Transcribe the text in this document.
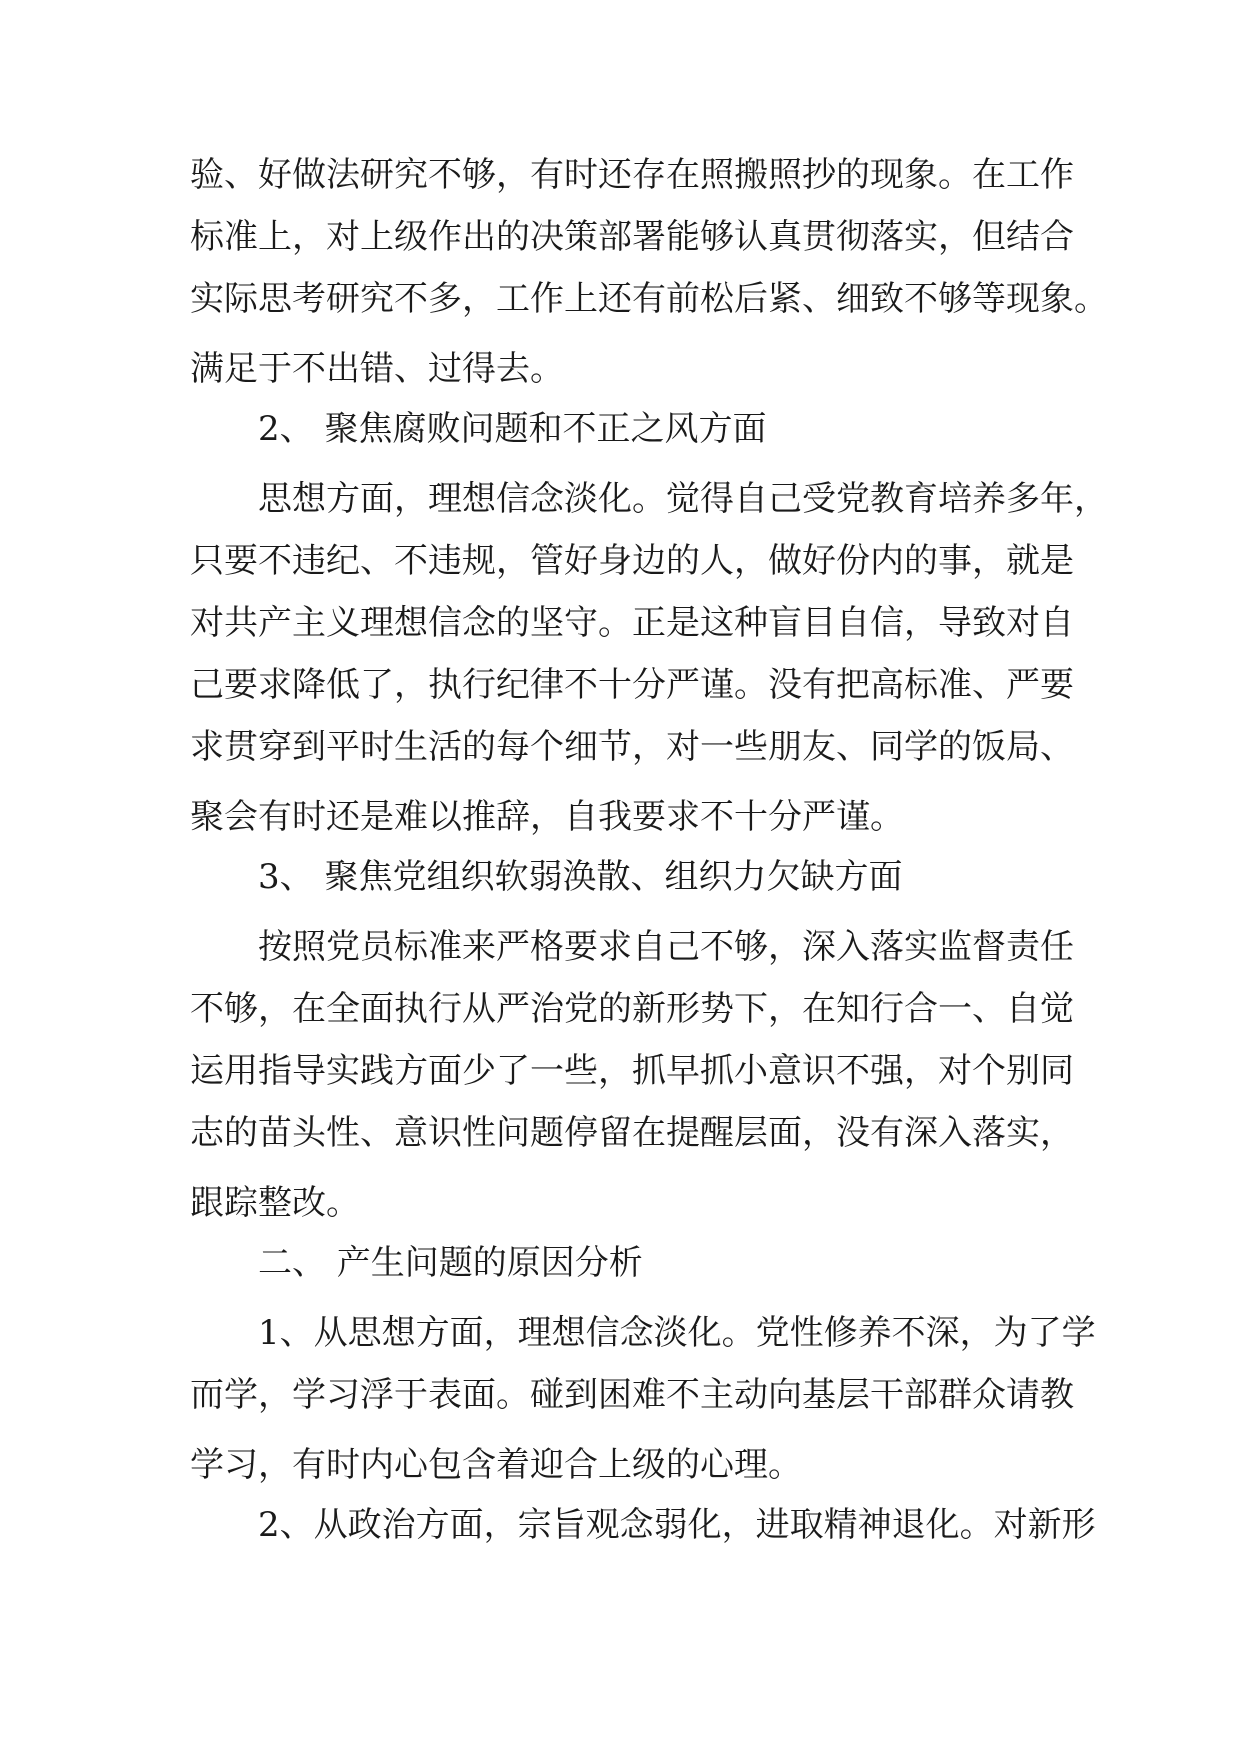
验、好做法研究不够，有时还存在照搬照抄的现象。在工作
标准上，对上级作出的决策部署能够认真贯彻落实，但结合
实际思考研究不多，工作上还有前松后紧、细致不够等现象。
满足于不出错、过得去。
2、 聚焦腐败问题和不正之风方面
思想方面，理想信念淡化。觉得自己受党教育培养多年，
只要不违纪、不违规，管好身边的人，做好份内的事，就是
对共产主义理想信念的坚守。正是这种盲目自信，导致对自
己要求降低了，执行纪律不十分严谨。没有把高标准、严要
求贯穿到平时生活的每个细节，对一些朋友、同学的饭局、
聚会有时还是难以推辞，自我要求不十分严谨。
3、 聚焦党组织软弱涣散、组织力欠缺方面
按照党员标准来严格要求自己不够，深入落实监督责任
不够，在全面执行从严治党的新形势下，在知行合一、自觉
运用指导实践方面少了一些，抓早抓小意识不强，对个别同
志的苗头性、意识性问题停留在提醒层面，没有深入落实，
跟踪整改。
二、 产生问题的原因分析
1、从思想方面，理想信念淡化。党性修养不深，为了学
而学，学习浮于表面。碰到困难不主动向基层干部群众请教
学习，有时内心包含着迎合上级的心理。
2、从政治方面，宗旨观念弱化，进取精神退化。对新形
